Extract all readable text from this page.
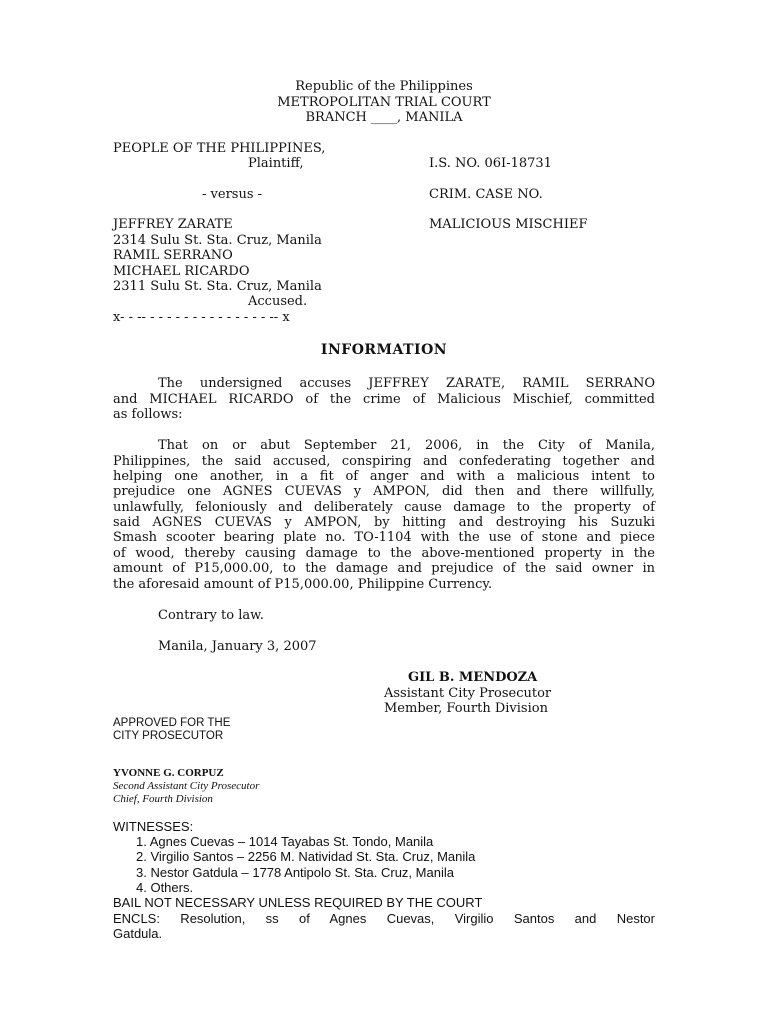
Republic of the Philippines
METROPOLITAN TRIAL COURT
BRANCH ____, MANILA
PEOPLE OF THE PHILIPPINES,
Plaintiff,	I.S. NO. 06I-18731
- versus -	CRIM. CASE NO.
JEFFREY ZARATE	MALICIOUS MISCHIEF
2314 Sulu St. Sta. Cruz, Manila
RAMIL SERRANO
MICHAEL RICARDO
2311 Sulu St. Sta. Cruz, Manila
Accused.
x- - -- - - - - - - - - - - - - - - -- x
INFORMATION
The undersigned accuses JEFFREY ZARATE, RAMIL SERRANO
and MICHAEL RICARDO of the crime of Malicious Mischief, committed
as follows:
That on or abut September 21, 2006, in the City of Manila,
Philippines, the said accused, conspiring and confederating together and
helping one another, in a fit of anger and with a malicious intent to
prejudice one AGNES CUEVAS y AMPON, did then and there willfully,
unlawfully, feloniously and deliberately cause damage to the property of
said AGNES CUEVAS y AMPON, by hitting and destroying his Suzuki
Smash scooter bearing plate no. TO-1104 with the use of stone and piece
of wood, thereby causing damage to the above-mentioned property in the
amount of P15,000.00, to the damage and prejudice of the said owner in
the aforesaid amount of P15,000.00, Philippine Currency.
Contrary to law.
Manila, January 3, 2007
GIL B. MENDOZA
Assistant City Prosecutor
Member, Fourth Division
APPROVED FOR THE
CITY PROSECUTOR
YVONNE G. CORPUZ
Second Assistant City Prosecutor
Chief, Fourth Division
WITNESSES:
1. Agnes Cuevas – 1014 Tayabas St. Tondo, Manila
2. Virgilio Santos – 2256 M. Natividad St. Sta. Cruz, Manila
3. Nestor Gatdula – 1778 Antipolo St. Sta. Cruz, Manila
4. Others.
BAIL NOT NECESSARY UNLESS REQUIRED BY THE COURT
ENCLS: Resolution, ss of Agnes Cuevas, Virgilio Santos and Nestor
Gatdula.
